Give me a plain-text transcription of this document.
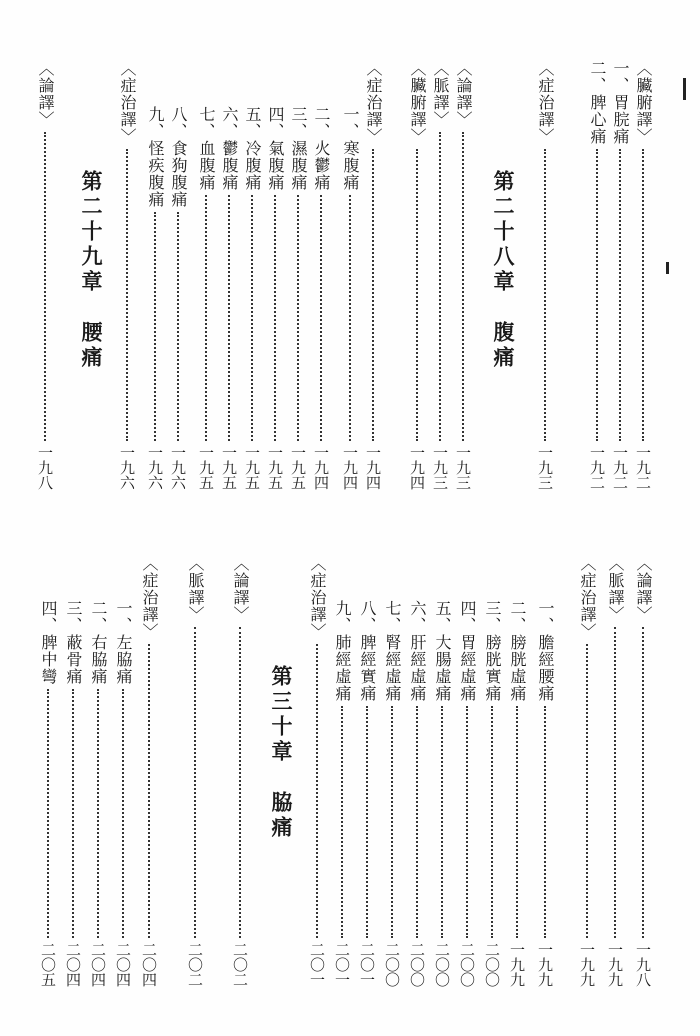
〈臟腑譯〉
一九二
一、胃脘痛
一九二
二、脾心痛
一九二
〈症治譯〉
一九三
第二十八章腹痛
〈論譯〉
一九三
〈脈譯〉
一九三
〈臟腑譯〉
一九四
〈症治譯〉
一九四
一、寒腹痛
一九四
二、火鬱痛
一九四
三、濕腹痛
一九五
四、氣腹痛
一九五
五、冷腹痛
一九五
六、鬱腹痛
一九五
七、血腹痛
一九五
八、食狗腹痛
一九六
九、怪疾腹痛
一九六
〈症治譯〉
一九六
第二十九章腰痛
〈論譯〉
一九八
〈論譯〉
一九八
〈脈譯〉
一九九
〈症治譯〉
一九九
一、膽經腰痛
一九九
二、膀胱虛痛
一九九
三、膀胱實痛
二〇〇
四、胃經虛痛
二〇〇
五、大腸虛痛
二〇〇
六、肝經虛痛
二〇〇
七、腎經虛痛
二〇〇
八、脾經實痛
二〇一
九、肺經虛痛
二〇一
〈症治譯〉
二〇一
第三十章脇痛
〈論譯〉
二〇二
〈脈譯〉
二〇二
〈症治譯〉
二〇四
一、左脇痛
二〇四
二、右脇痛
二〇四
三、蔽骨痛
二〇四
四、脾中彎
二〇五
